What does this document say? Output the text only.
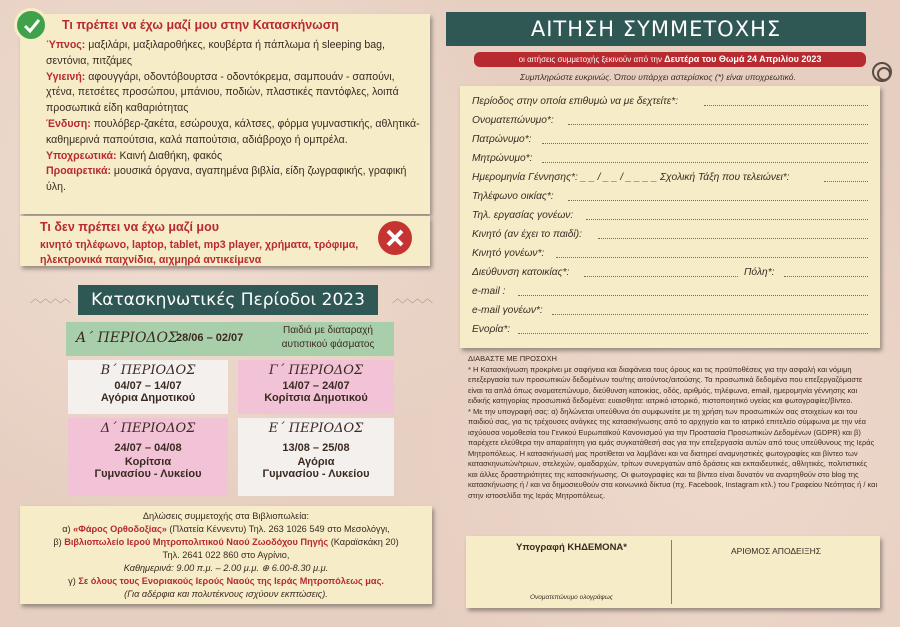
Τι πρέπει να έχω μαζί μου στην Κατασκήνωση
Ύπνος: μαξιλάρι, μαξιλαροθήκες, κουβέρτα ή πάπλωμα ή sleeping bag, σεντόνια, πιτζάμες
Υγιεινή: αφουγγάρι, οδοντόβουρτσα - οδοντόκρεμα, σαμπουάν - σαπούνι, χτένα, πετσέτες προσώπου, μπάνιου, ποδιών, πλαστικές παντόφλες, λοιπά προσωπικά είδη καθαριότητας
Ένδυση: πουλόβερ-ζακέτα, εσώρουχα, κάλτσες, φόρμα γυμναστικής, αθλητικά-καθημερινά παπούτσια, καλά παπούτσια, αδιάβροχο ή ομπρέλα.
Υποχρεωτικά: Καινή Διαθήκη, φακός
Προαιρετικά: μουσικά όργανα, αγαπημένα βιβλία, είδη ζωγραφικής, γραφική ύλη.
Τι δεν πρέπει να έχω μαζί μου
κινητό τηλέφωνο, laptop, tablet, mp3 player, χρήματα, τρόφιμα, ηλεκτρονικά παιχνίδια, αιχμηρά αντικείμενα
︿︿︿︿	︿︿︿︿
Κατασκηνωτικές Περίοδοι 2023
Α΄ ΠΕΡΙΟΔΟΣ
28/06 – 02/07
Παιδιά με διαταραχή αυτιστικού φάσματος
Β΄ ΠΕΡΙΟΔΟΣ
04/07 – 14/07
Αγόρια Δημοτικού
Γ΄ ΠΕΡΙΟΔΟΣ
14/07 – 24/07
Κορίτσια Δημοτικού
Δ΄ ΠΕΡΙΟΔΟΣ
24/07 – 04/08
Κορίτσια
Γυμνασίου - Λυκείου
Ε΄ ΠΕΡΙΟΔΟΣ
13/08 – 25/08
Αγόρια
Γυμνασίου - Λυκείου
Δηλώσεις συμμετοχής στα Βιβλιοπωλεία:
α) «Φάρος Ορθοδοξίας» (Πλατεία Κέννεντυ) Τηλ. 263 1026 549 στο Μεσολόγγι,
β) Βιβλιοπωλείο Ιερού Μητροπολιτικού Ναού Ζωοδόχου Πηγής (Καραϊσκάκη 20)
Τηλ. 2641 022 860 στο Αγρίνιο,
Καθημερινά: 9.00 π.μ. – 2.00 μ.μ. ⊕ 6.00-8.30 μ.μ.
γ) Σε όλους τους Ενοριακούς Ιερούς Ναούς της Ιεράς Μητροπόλεως μας.
(Για αδέρφια και πολυτέκνους ισχύουν εκπτώσεις).
ΑΙΤΗΣΗ ΣΥΜΜΕΤΟΧΗΣ
οι αιτήσεις συμμετοχής ξεκινούν από την Δευτέρα του Θωμά 24 Απριλίου 2023
Συμπληρώστε ευκρινώς. Όπου υπάρχει αστερίσκος (*) είναι υποχρεωτικό.
Περίοδος στην οποία επιθυμώ να με δεχτείτε*:
Ονοματεπώνυμο*:
Πατρώνυμο*:
Μητρώνυμο*:
Ημερομηνία Γέννησης*: _ _ / _ _ / _ _ _ _ Σχολική Τάξη που τελειώνει*:
Τηλέφωνο οικίας*:
Τηλ. εργασίας γονέων:
Κινητό (αν έχει το παιδί):
Κινητό γονέων*:
Διεύθυνση κατοικίας*:	Πόλη*:
e-mail :
e-mail γονέων*:
Ενορία*:
ΔΙΑΒΑΣΤΕ ΜΕ ΠΡΟΣΟΧΗ
* Η Κατασκήνωση προκρίνει με σαφήνεια και διαφάνεια τους όρους και τις προϋποθέσεις για την ασφαλή και νόμιμη επεξεργασία των προσωπικών δεδομένων του/της αιτούντος/αιτούσης. Τα προσωπικά δεδομένα που επεξεργαζόμαστε είναι τα απλά όπως ονοματεπώνυμο, διεύθυνση κατοικίας, οδός, αριθμός, τηλέφωνα, email, ημερομηνία γέννησης και ειδικής κατηγορίας προσωπικά δεδομένα: ευαισθητα: ιατρικό ιστορικό, πιστοποιητικό υγείας και φωτογραφίες/βίντεο.
* Με την υπογραφή σας: α) δηλώνεται υπεύθυνα ότι συμφωνείτε με τη χρήση των προσωπικών σας στοιχείων και του παιδιού σας, για τις τρέχουσες ανάγκες της κατασκήνωσης από το αρχηγείο και το ιατρικό επιτελείο σύμφωνα με την νέα ισχύουσα νομοθεσία του Γενικού Ευρωπαϊκού Κανονισμού για την Προστασία Προσωπικών Δεδομένων (GDPR) και β) παρέχετε ελεύθερα την απαραίτητη για εμάς συγκατάθεσή σας για την επεξεργασία αυτών από τους υπεύθυνους της Ιεράς Μητροπόλεως. Η κατασκήνωσή μας προτίθεται να λαμβάνει και να διατηρεί αναμνηστικές φωτογραφίες και βίντεο των κατασκηνωτών/τριων, στελεχών, ομαδαρχών, τρίτων συνεργατών από δράσεις και εκπαιδευτικές, αθλητικές, πολιτιστικές και άλλες δραστηριότητες της κατασκήνωσης. Οι φωτογραφίες και τα βίντεο είναι δυνατόν να αναρτηθούν στο blog της κατασκήνωσης ή / και να δημοσιευθούν στα κοινωνικά δίκτυα (πχ. Facebook, Instagram κτλ.) του Γραφείου Νεότητας ή / και στην ιστοσελίδα της Ιεράς Μητροπόλεως.
Υπογραφή ΚΗΔΕΜΟΝΑ*	ΑΡΙΘΜΟΣ ΑΠΟΔΕΙΞΗΣ
Ονοματεπώνυμο ολογράφως
